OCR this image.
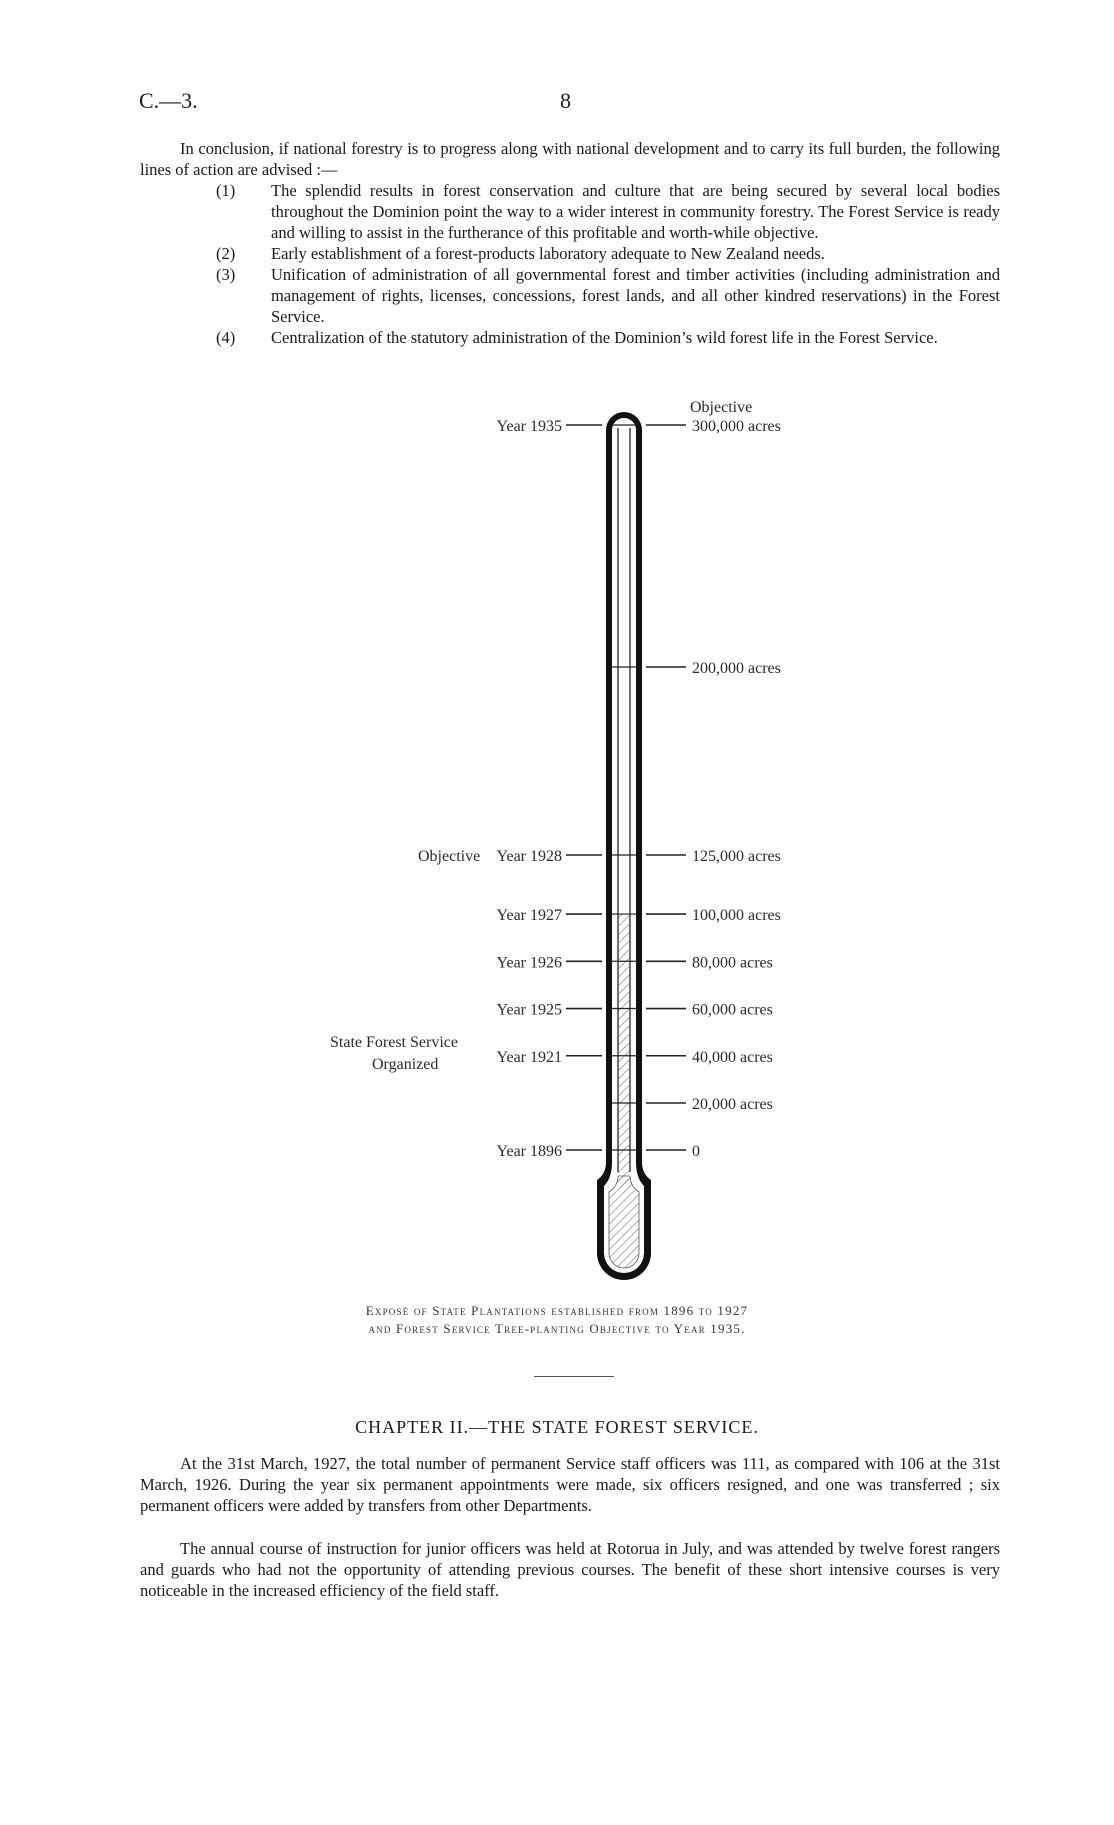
C.—3.	8

In conclusion, if national forestry is to progress along with national development and to carry its full burden, the following lines of action are advised :—

(1) The splendid results in forest conservation and culture that are being secured by several local bodies throughout the Dominion point the way to a wider interest in community forestry. The Forest Service is ready and willing to assist in the furtherance of this profitable and worth-while objective.

(2) Early establishment of a forest-products laboratory adequate to New Zealand needs.

(3) Unification of administration of all governmental forest and timber activities (including administration and management of rights, licenses, concessions, forest lands, and all other kindred reservations) in the Forest Service.

(4) Centralization of the statutory administration of the Dominion’s wild forest life in the Forest Service.

Year 1935
Year 1928
Year 1927
Year 1926
Year 1925
Year 1921
Year 1896
300,000 acres
200,000 acres
125,000 acres
100,000 acres
80,000 acres
60,000 acres
40,000 acres
20,000 acres
0
Objective
Objective
State Forest Service
Organized
Exposé of State Plantations established from 1896 to 1927
and Forest Service Tree-planting Objective to Year 1935.
CHAPTER II.—THE STATE FOREST SERVICE.

At the 31st March, 1927, the total number of permanent Service staff officers was 111, as compared with 106 at the 31st March, 1926. During the year six permanent appointments were made, six officers resigned, and one was transferred ; six permanent officers were added by transfers from other Departments.

The annual course of instruction for junior officers was held at Rotorua in July, and was attended by twelve forest rangers and guards who had not the opportunity of attending previous courses. The benefit of these short intensive courses is very noticeable in the increased efficiency of the field staff.
